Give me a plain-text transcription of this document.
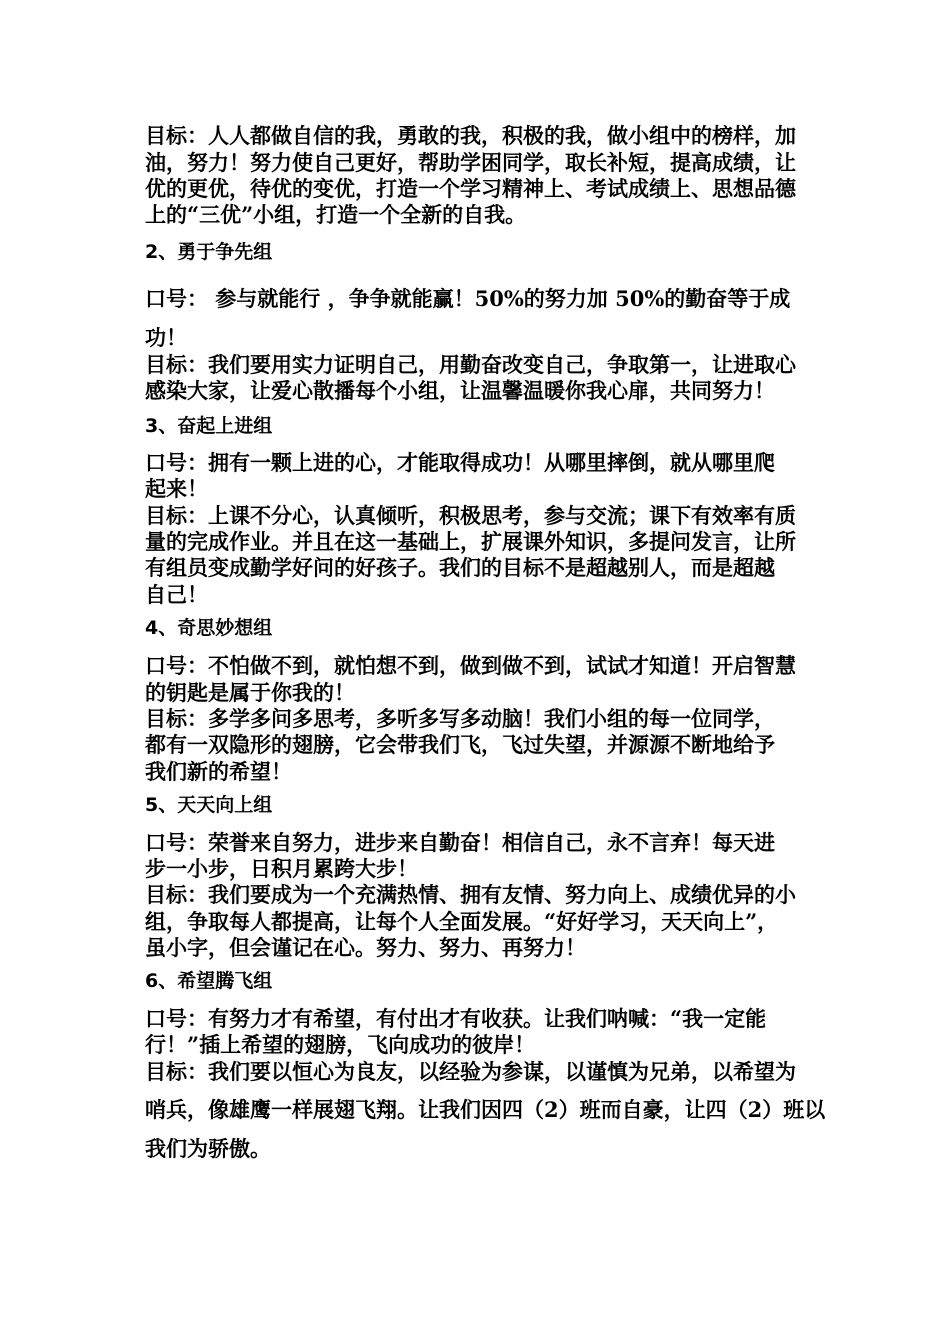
目标：人人都做自信的我，勇敢的我，积极的我，做小组中的榜样，加
油，努力！努力使自己更好，帮助学困同学，取长补短，提高成绩，让
优的更优，待优的变优，打造一个学习精神上、考试成绩上、思想品德
上的“三优”小组，打造一个全新的自我。
2、勇于争先组
口号： 参与就能行 ，争争就能赢！50%的努力加 50%的勤奋等于成
功！
目标：我们要用实力证明自己，用勤奋改变自己，争取第一，让进取心
感染大家，让爱心散播每个小组，让温馨温暖你我心扉，共同努力！
3、奋起上进组
口号：拥有一颗上进的心，才能取得成功！从哪里摔倒，就从哪里爬
起来！
目标：上课不分心，认真倾听，积极思考，参与交流；课下有效率有质
量的完成作业。并且在这一基础上，扩展课外知识，多提问发言，让所
有组员变成勤学好问的好孩子。我们的目标不是超越别人，而是超越
自己！
4、奇思妙想组
口号：不怕做不到，就怕想不到，做到做不到，试试才知道！开启智慧
的钥匙是属于你我的！
目标：多学多问多思考，多听多写多动脑！我们小组的每一位同学，
都有一双隐形的翅膀，它会带我们飞，飞过失望，并源源不断地给予
我们新的希望！
5、天天向上组
口号：荣誉来自努力，进步来自勤奋！相信自己，永不言弃！每天进
步一小步，日积月累跨大步！
目标：我们要成为一个充满热情、拥有友情、努力向上、成绩优异的小
组，争取每人都提高，让每个人全面发展。“好好学习，天天向上”，
虽小字，但会谨记在心。努力、努力、再努力！
6、希望腾飞组
口号：有努力才有希望，有付出才有收获。让我们呐喊：“我一定能
行！”插上希望的翅膀，飞向成功的彼岸！
目标：我们要以恒心为良友，以经验为参谋，以谨慎为兄弟，以希望为
哨兵，像雄鹰一样展翅飞翔。让我们因四（2）班而自豪，让四（2）班以
我们为骄傲。
